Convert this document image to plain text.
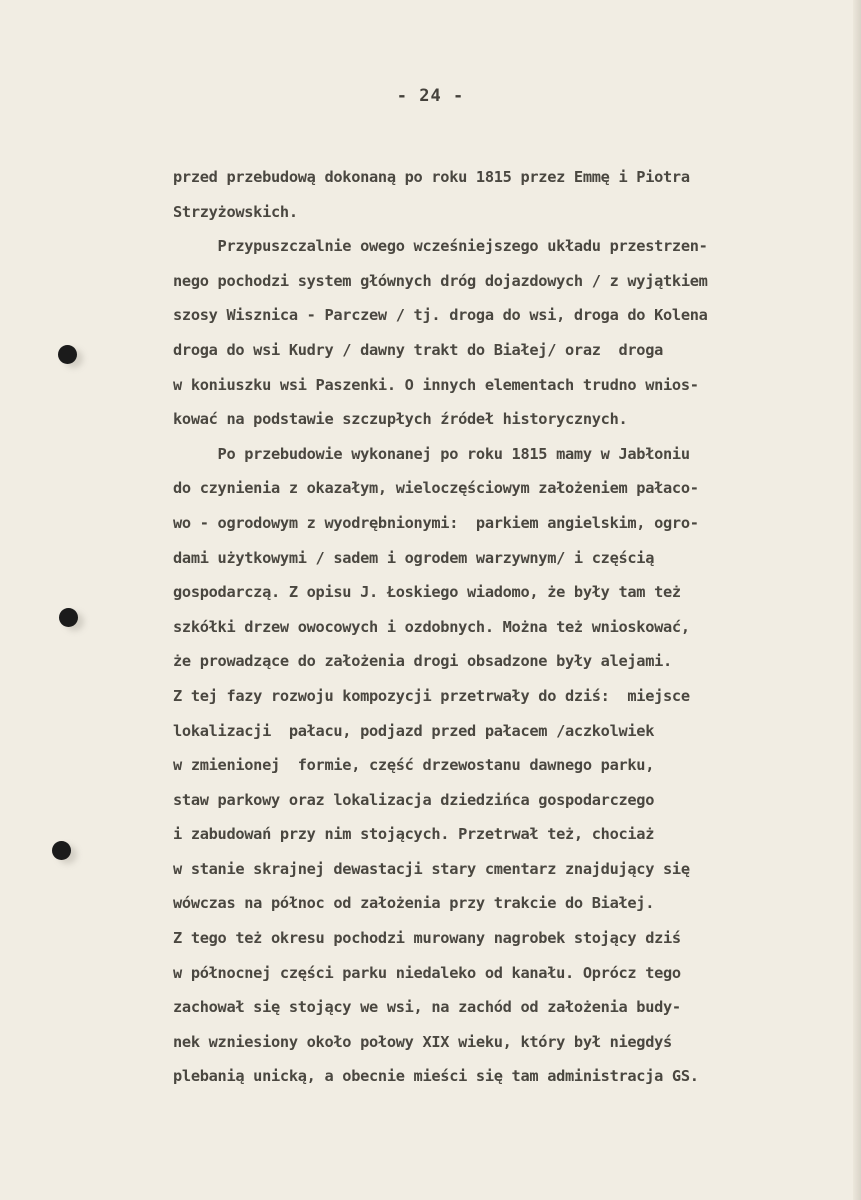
- 24 -
przed przebudową dokonaną po roku 1815 przez Emmę i Piotra
Strzyżowskich.
Przypuszczalnie owego wcześniejszego układu przestrzen-
nego pochodzi system głównych dróg dojazdowych / z wyjątkiem
szosy Wisznica - Parczew / tj. droga do wsi, droga do Kolena
droga do wsi Kudry / dawny trakt do Białej/ oraz  droga
w koniuszku wsi Paszenki. O innych elementach trudno wnios-
kować na podstawie szczupłych źródeł historycznych.
Po przebudowie wykonanej po roku 1815 mamy w Jabłoniu
do czynienia z okazałym, wieloczęściowym założeniem pałaco-
wo - ogrodowym z wyodrębnionymi:  parkiem angielskim, ogro-
dami użytkowymi / sadem i ogrodem warzywnym/ i częścią
gospodarczą. Z opisu J. Łoskiego wiadomo, że były tam też
szkółki drzew owocowych i ozdobnych. Można też wnioskować,
że prowadzące do założenia drogi obsadzone były alejami.
Z tej fazy rozwoju kompozycji przetrwały do dziś:  miejsce
lokalizacji  pałacu, podjazd przed pałacem /aczkolwiek
w zmienionej  formie, część drzewostanu dawnego parku,
staw parkowy oraz lokalizacja dziedzińca gospodarczego
i zabudowań przy nim stojących. Przetrwał też, chociaż
w stanie skrajnej dewastacji stary cmentarz znajdujący się
wówczas na północ od założenia przy trakcie do Białej.
Z tego też okresu pochodzi murowany nagrobek stojący dziś
w północnej części parku niedaleko od kanału. Oprócz tego
zachował się stojący we wsi, na zachód od założenia budy-
nek wzniesiony około połowy XIX wieku, który był niegdyś
plebanią unicką, a obecnie mieści się tam administracja GS.
